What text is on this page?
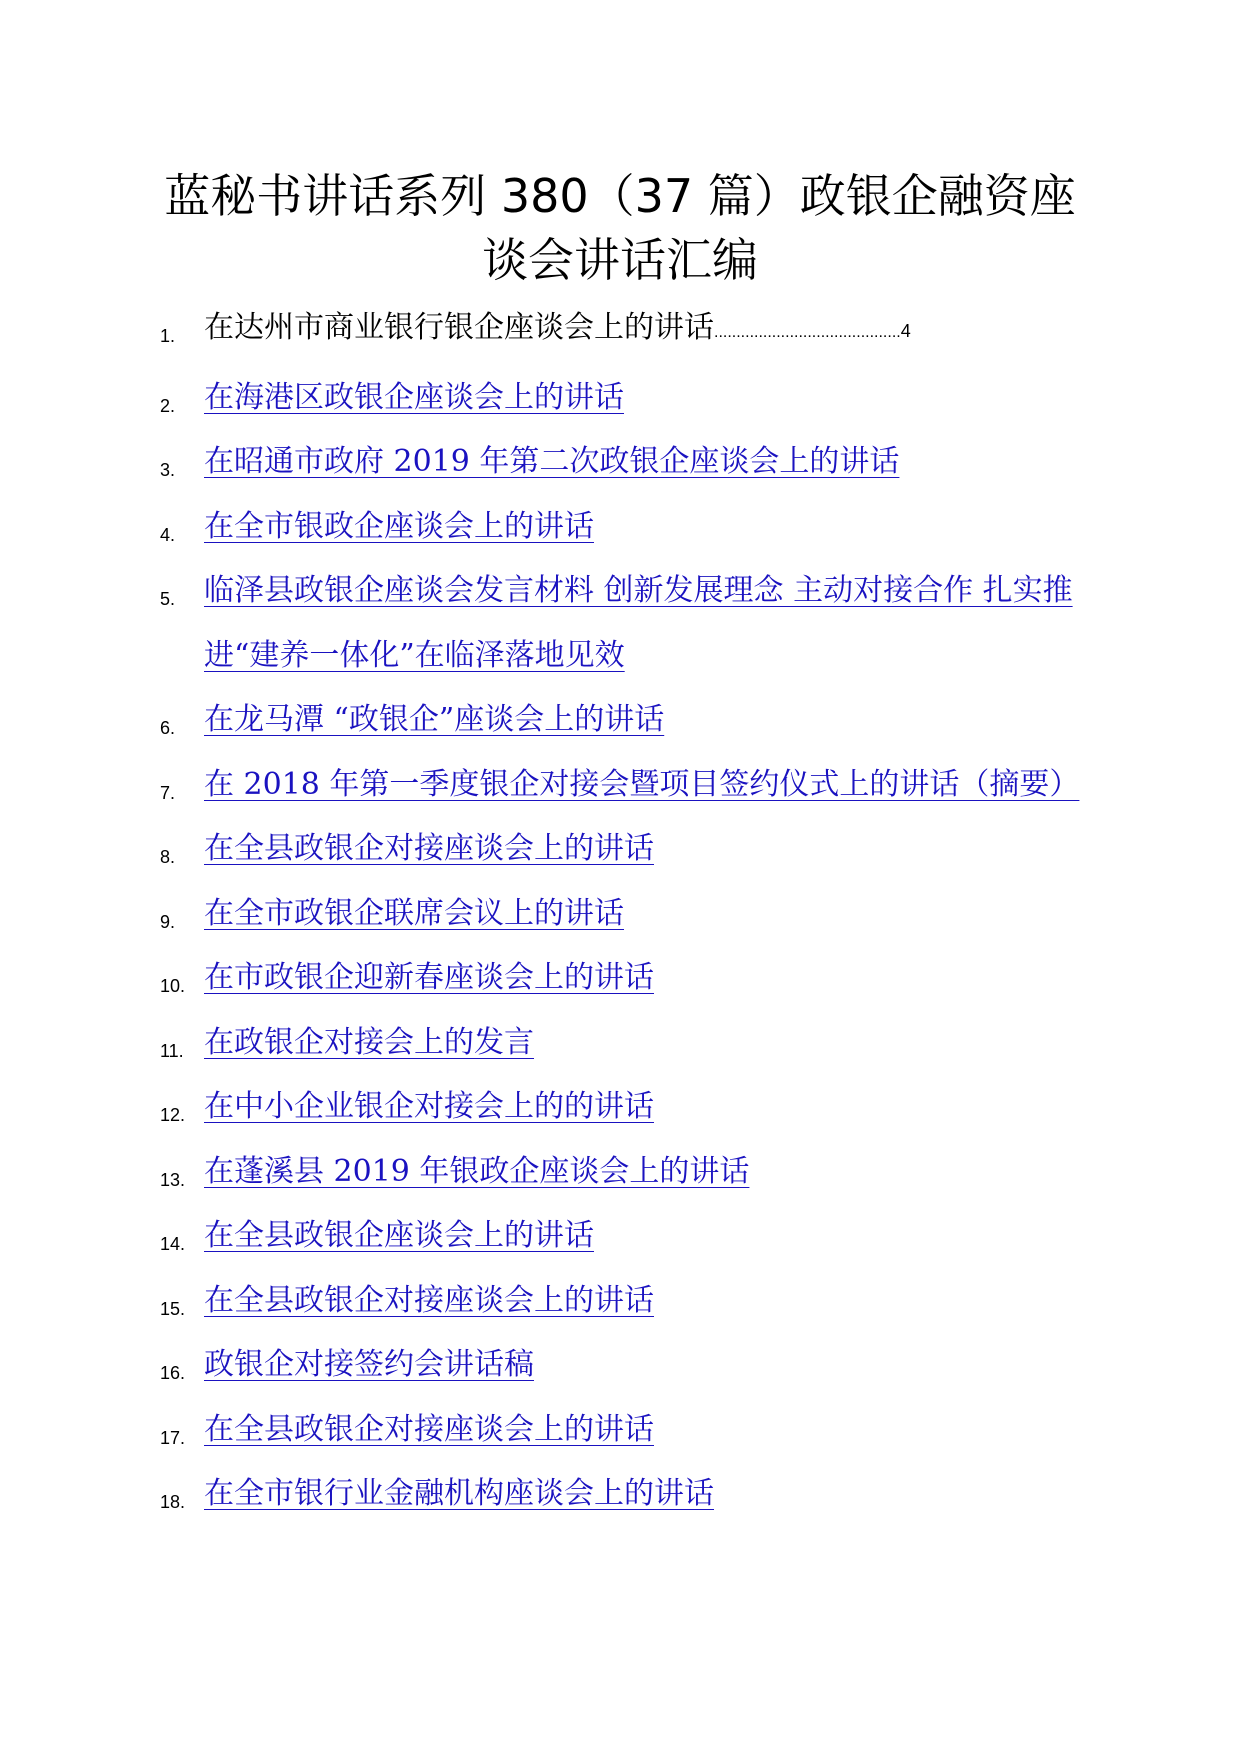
蓝秘书讲话系列 380（37 篇）政银企融资座
谈会讲话汇编
1. 在达州市商业银行银企座谈会上的讲话..........................................4
2. 在海港区政银企座谈会上的讲话
3. 在昭通市政府 2019 年第二次政银企座谈会上的讲话
4. 在全市银政企座谈会上的讲话
5. 临泽县政银企座谈会发言材料 创新发展理念 主动对接合作 扎实推进“建养一体化”在临泽落地见效
6. 在龙马潭 “政银企”座谈会上的讲话
7. 在 2018 年第一季度银企对接会暨项目签约仪式上的讲话（摘要）
8. 在全县政银企对接座谈会上的讲话
9. 在全市政银企联席会议上的讲话
10. 在市政银企迎新春座谈会上的讲话
11. 在政银企对接会上的发言
12. 在中小企业银企对接会上的的讲话
13. 在蓬溪县 2019 年银政企座谈会上的讲话
14. 在全县政银企座谈会上的讲话
15. 在全县政银企对接座谈会上的讲话
16. 政银企对接签约会讲话稿
17. 在全县政银企对接座谈会上的讲话
18. 在全市银行业金融机构座谈会上的讲话
